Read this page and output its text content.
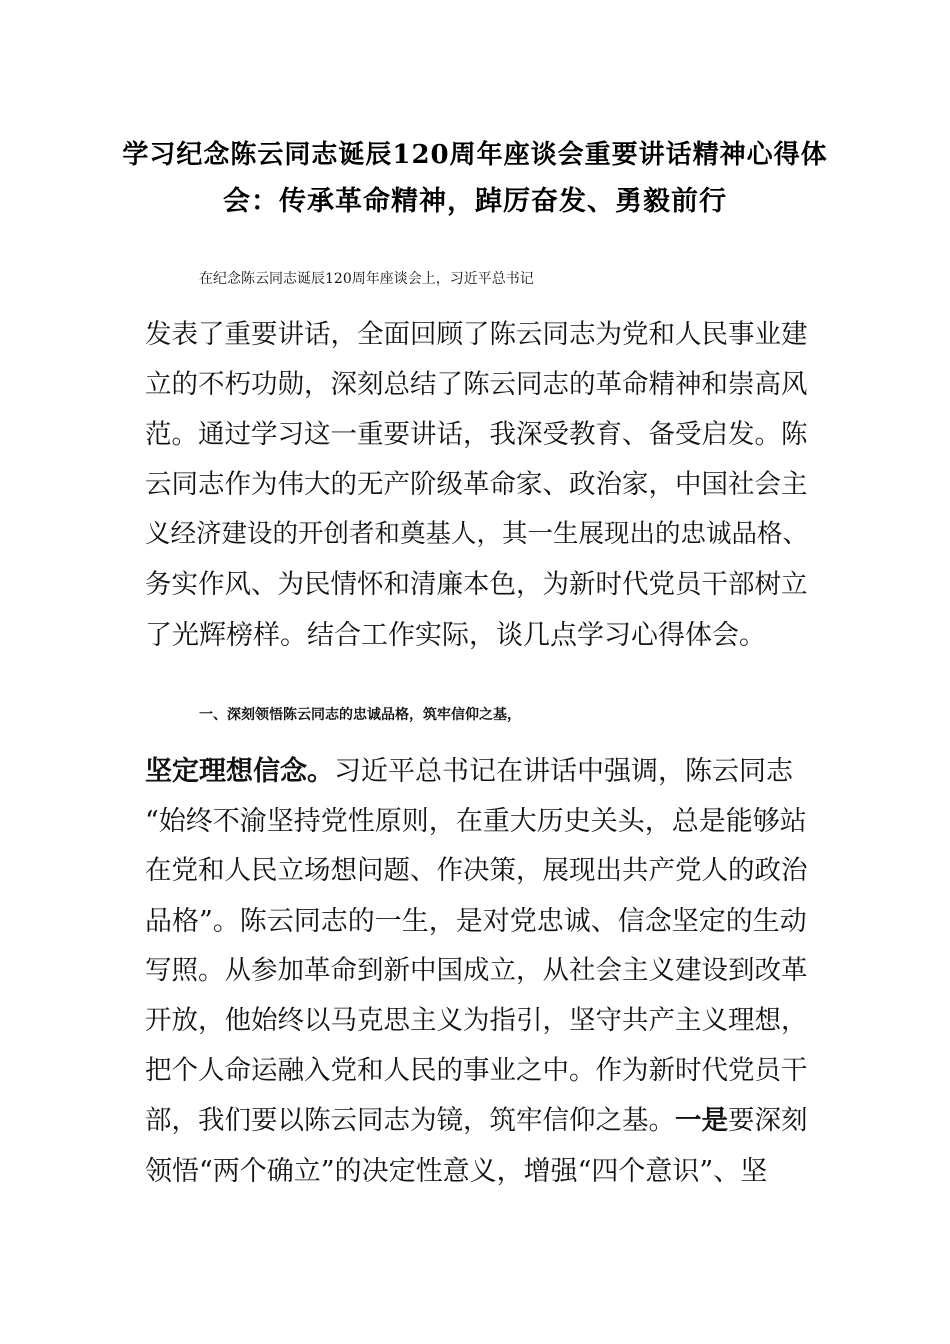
学习纪念陈云同志诞辰120周年座谈会重要讲话精神心得体

会：传承革命精神，踔厉奋发、勇毅前行

在纪念陈云同志诞辰120周年座谈会上，习近平总书记

发表了重要讲话，全面回顾了陈云同志为党和人民事业建

立的不朽功勋，深刻总结了陈云同志的革命精神和崇高风

范。通过学习这一重要讲话，我深受教育、备受启发。陈

云同志作为伟大的无产阶级革命家、政治家，中国社会主

义经济建设的开创者和奠基人，其一生展现出的忠诚品格、

务实作风、为民情怀和清廉本色，为新时代党员干部树立

了光辉榜样。结合工作实际，谈几点学习心得体会。

一、深刻领悟陈云同志的忠诚品格，筑牢信仰之基，

坚定理想信念。习近平总书记在讲话中强调，陈云同志

“始终不渝坚持党性原则，在重大历史关头，总是能够站

在党和人民立场想问题、作决策，展现出共产党人的政治

品格”。陈云同志的一生，是对党忠诚、信念坚定的生动

写照。从参加革命到新中国成立，从社会主义建设到改革

开放，他始终以马克思主义为指引，坚守共产主义理想，

把个人命运融入党和人民的事业之中。作为新时代党员干

部，我们要以陈云同志为镜，筑牢信仰之基。一是要深刻

领悟“两个确立”的决定性意义，增强“四个意识”、坚
